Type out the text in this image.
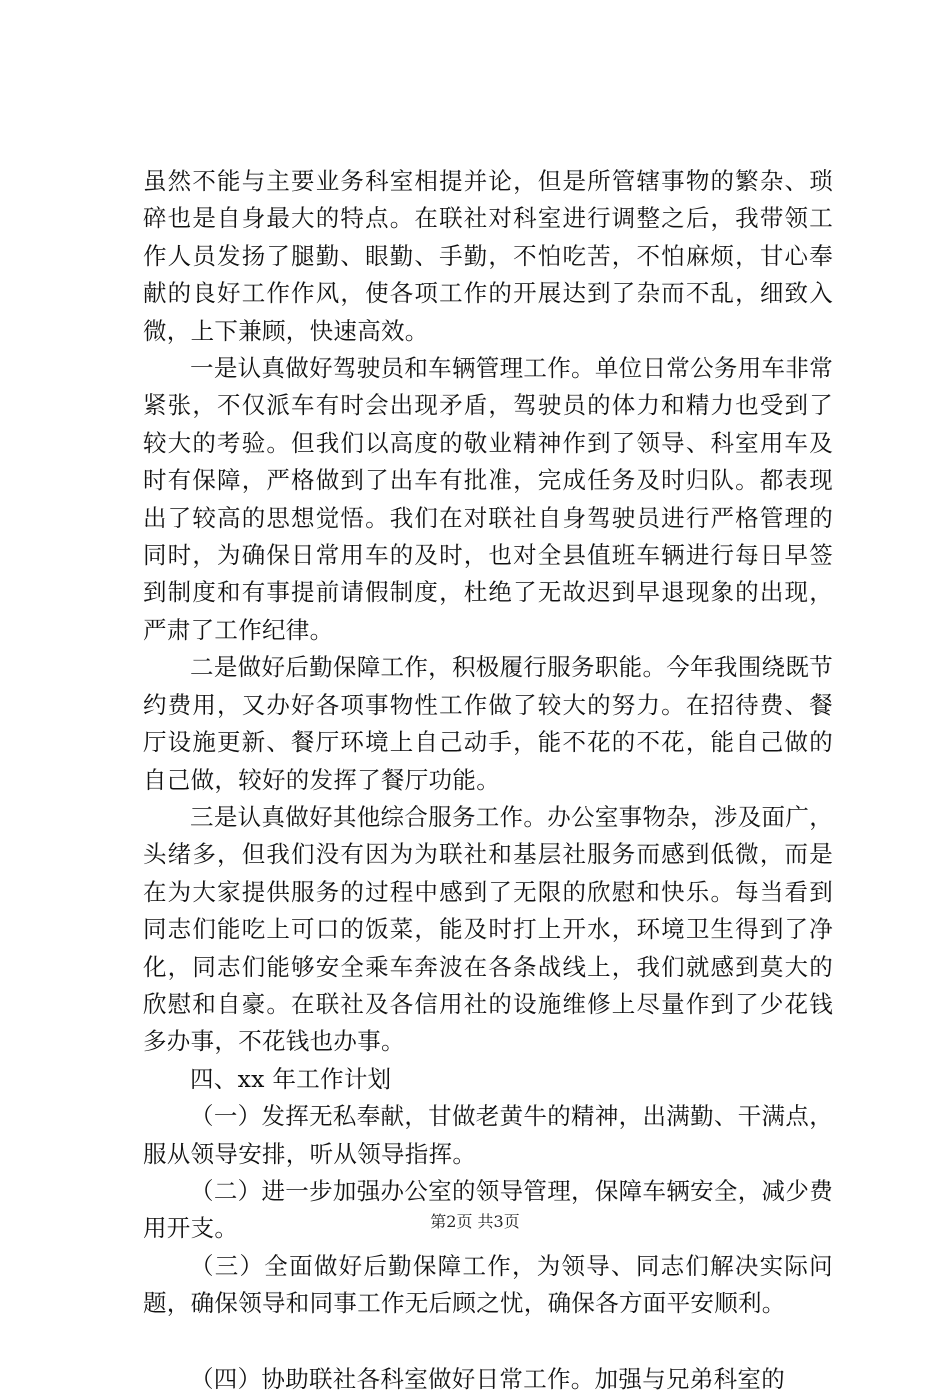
虽然不能与主要业务科室相提并论，但是所管辖事物的繁杂、琐碎也是自身最大的特点。在联社对科室进行调整之后，我带领工作人员发扬了腿勤、眼勤、手勤，不怕吃苦，不怕麻烦，甘心奉献的良好工作作风，使各项工作的开展达到了杂而不乱，细致入微，上下兼顾，快速高效。

一是认真做好驾驶员和车辆管理工作。单位日常公务用车非常紧张，不仅派车有时会出现矛盾，驾驶员的体力和精力也受到了较大的考验。但我们以高度的敬业精神作到了领导、科室用车及时有保障，严格做到了出车有批准，完成任务及时归队。都表现出了较高的思想觉悟。我们在对联社自身驾驶员进行严格管理的同时，为确保日常用车的及时，也对全县值班车辆进行每日早签到制度和有事提前请假制度，杜绝了无故迟到早退现象的出现，严肃了工作纪律。

二是做好后勤保障工作，积极履行服务职能。今年我围绕既节约费用，又办好各项事物性工作做了较大的努力。在招待费、餐厅设施更新、餐厅环境上自己动手，能不花的不花，能自己做的自己做，较好的发挥了餐厅功能。

三是认真做好其他综合服务工作。办公室事物杂，涉及面广，头绪多，但我们没有因为为联社和基层社服务而感到低微，而是在为大家提供服务的过程中感到了无限的欣慰和快乐。每当看到同志们能吃上可口的饭菜，能及时打上开水，环境卫生得到了净化，同志们能够安全乘车奔波在各条战线上，我们就感到莫大的欣慰和自豪。在联社及各信用社的设施维修上尽量作到了少花钱多办事，不花钱也办事。

四、xx 年工作计划

（一）发挥无私奉献，甘做老黄牛的精神，出满勤、干满点，服从领导安排，听从领导指挥。

（二）进一步加强办公室的领导管理，保障车辆安全，减少费用开支。

（三）全面做好后勤保障工作，为领导、同志们解决实际问题，确保领导和同事工作无后顾之忧，确保各方面平安顺利。

（四）协助联社各科室做好日常工作。加强与兄弟科室的

第2页 共3页
